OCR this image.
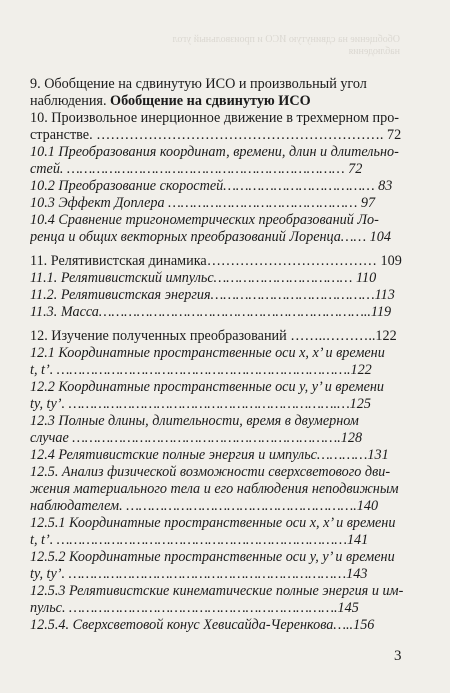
Обобщение на сдвинутую ИСО и произвольный угол
наблюдения
9. Обобщение на сдвинутую ИСО и произвольный угол
наблюдения. Обобщение на сдвинутую ИСО
10. Произвольное инерционное движение в трехмерном про-
странстве. ……………………………………………………. 72
10.1 Преобразования координат, времени, длин и длительно-
стей. ………………………………………………………… 72
10.2 Преобразование скоростей……………………………… 83
10.3 Эффект Доплера ……………………………………… 97
10.4 Сравнение тригонометрических преобразований Ло-
ренца и общих векторных преобразований Лоренца…… 104
11. Релятивистская динамика……………………………… 109
11.1. Релятивистский импульс…………………………… 110
11.2. Релятивистская энергия…………………………………113
11.3. Масса………………………………………………………..119
12. Изучение полученных преобразований ……..………..122
12.1 Координатные пространственные оси x, x’ и времени
t, t’. …………………………………………………………….122
12.2 Координатные пространственные оси y, y’ и времени
ty, ty’. ……………………………………………………….…125
12.3 Полные длины, длительности, время в двумерном
случае ……………………………………………………….128
12.4 Релятивистские полные энергия и импульс…………131
12.5. Анализ физической возможности сверхсветового дви-
жения материального тела и его наблюдения неподвижным
наблюдателем. ……………………………………………….140
12.5.1 Координатные пространственные оси x, x’ и времени
t, t’. ……………………………………………………………141
12.5.2 Координатные пространственные оси y, y’ и времени
ty, ty’. …………………………………………………………143
12.5.3 Релятивистские кинематические полные энергия и им-
пульс. ……………………………………………………….145
12.5.4. Сверхсветовой конус Хевисайда-Черенкова…..156
3
